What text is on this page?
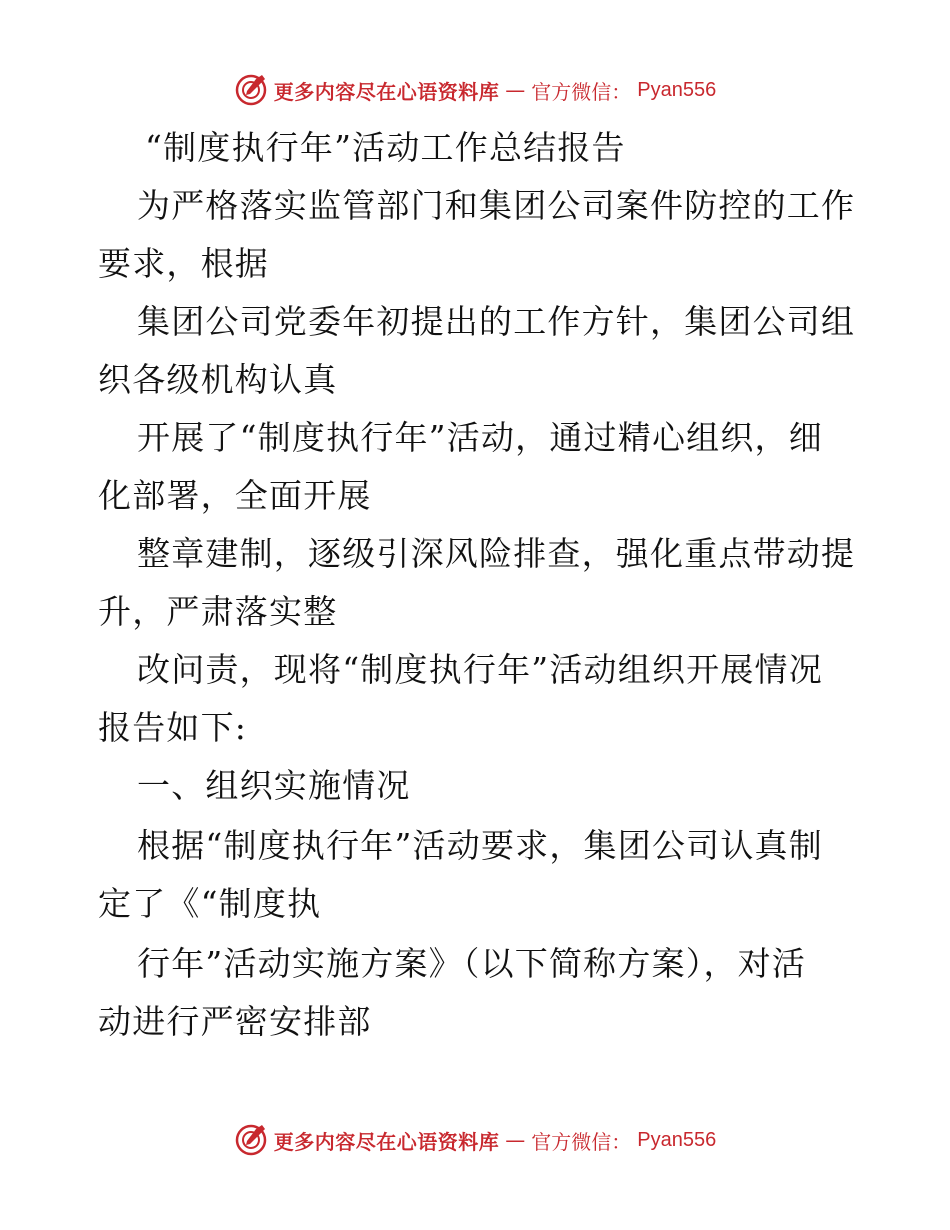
更多内容尽在心语资料库 — 官方微信： Pyan556
“制度执行年”活动工作总结报告
为严格落实监管部门和集团公司案件防控的工作
要求，根据
集团公司党委年初提出的工作方针，集团公司组
织各级机构认真
开展了“制度执行年”活动，通过精心组织，细
化部署，全面开展
整章建制，逐级引深风险排查，强化重点带动提
升，严肃落实整
改问责，现将“制度执行年”活动组织开展情况
报告如下:
一、组织实施情况
根据“制度执行年”活动要求，集团公司认真制
定了《“制度执
行年”活动实施方案》（以下简称方案），对活
动进行严密安排部
更多内容尽在心语资料库 — 官方微信： Pyan556
